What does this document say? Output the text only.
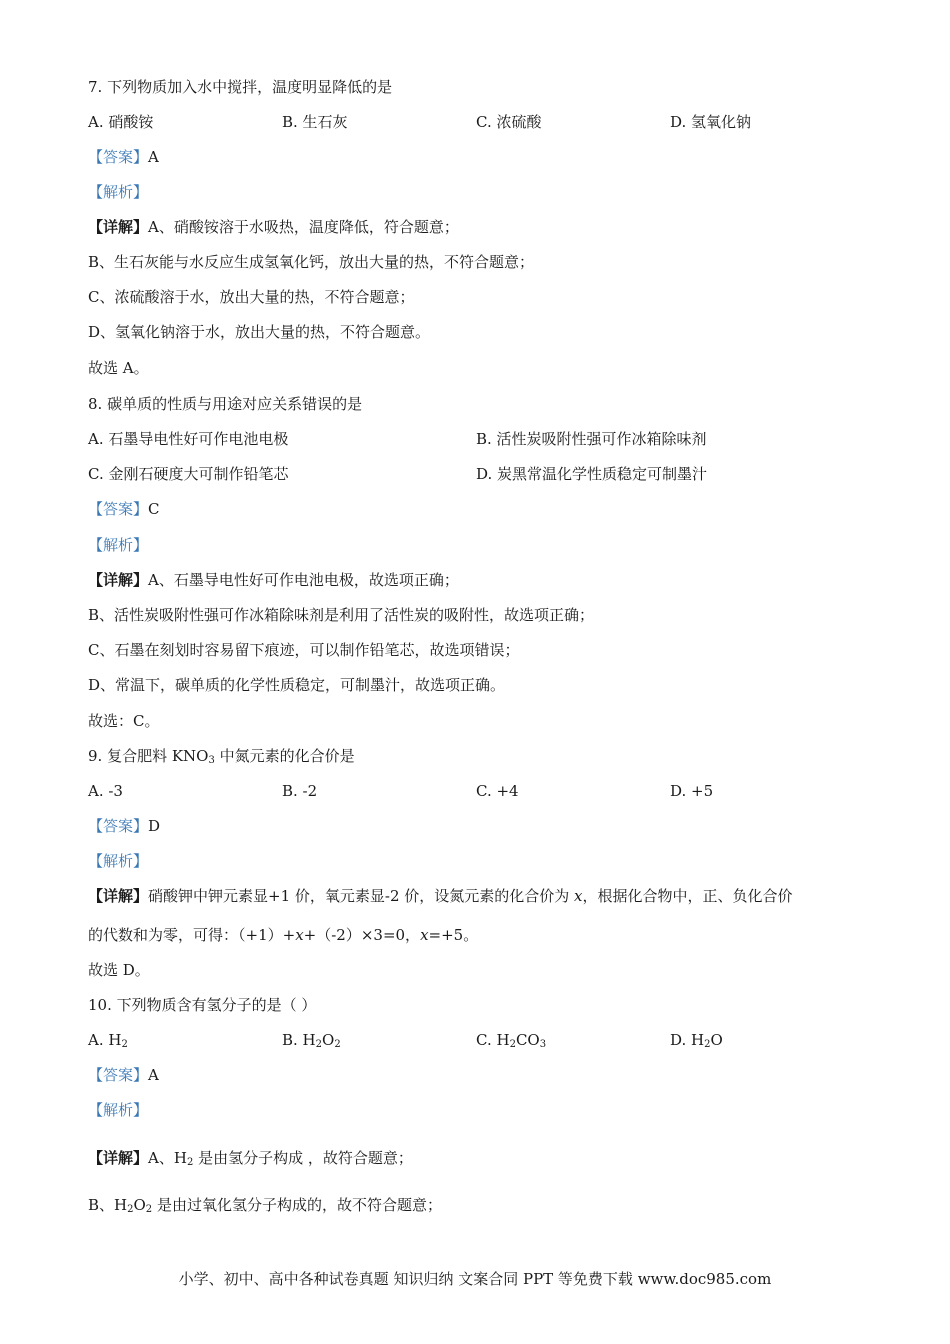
7. 下列物质加入水中搅拌，温度明显降低的是
A. 硝酸铵	B. 生石灰	C. 浓硫酸	D. 氢氧化钠
【答案】A
【解析】
【详解】A、硝酸铵溶于水吸热，温度降低，符合题意；
B、生石灰能与水反应生成氢氧化钙，放出大量的热，不符合题意；
C、浓硫酸溶于水，放出大量的热，不符合题意；
D、氢氧化钠溶于水，放出大量的热，不符合题意。
故选 A。
8. 碳单质的性质与用途对应关系错误的是
A. 石墨导电性好可作电池电极	B. 活性炭吸附性强可作冰箱除味剂
C. 金刚石硬度大可制作铅笔芯	D. 炭黑常温化学性质稳定可制墨汁
【答案】C
【解析】
【详解】A、石墨导电性好可作电池电极，故选项正确；
B、活性炭吸附性强可作冰箱除味剂是利用了活性炭的吸附性，故选项正确；
C、石墨在刻划时容易留下痕迹，可以制作铅笔芯，故选项错误；
D、常温下，碳单质的化学性质稳定，可制墨汁，故选项正确。
故选：C。
9. 复合肥料 $KNO_3$ 中氮元素的化合价是
A. -3	B. -2	C. +4	D. +5
【答案】D
【解析】
【详解】硝酸钾中钾元素显+1 价，氧元素显-2 价，设氮元素的化合价为 x，根据化合物中，正、负化合价
的代数和为零，可得：（+1）+x+（-2）×3=0，x=+5。
故选 D。
10. 下列物质含有氢分子的是（ ）
A. $H_2$	B. $H_2O_2$	C. $H_2CO_3$	D. $H_2O$
【答案】A
【解析】
【详解】A、$H_2$ 是由氢分子构成 ，故符合题意；
B、$H_2O_2$ 是由过氧化氢分子构成的，故不符合题意；
小学、初中、高中各种试卷真题 知识归纳 文案合同 PPT 等免费下载 www.doc985.com
